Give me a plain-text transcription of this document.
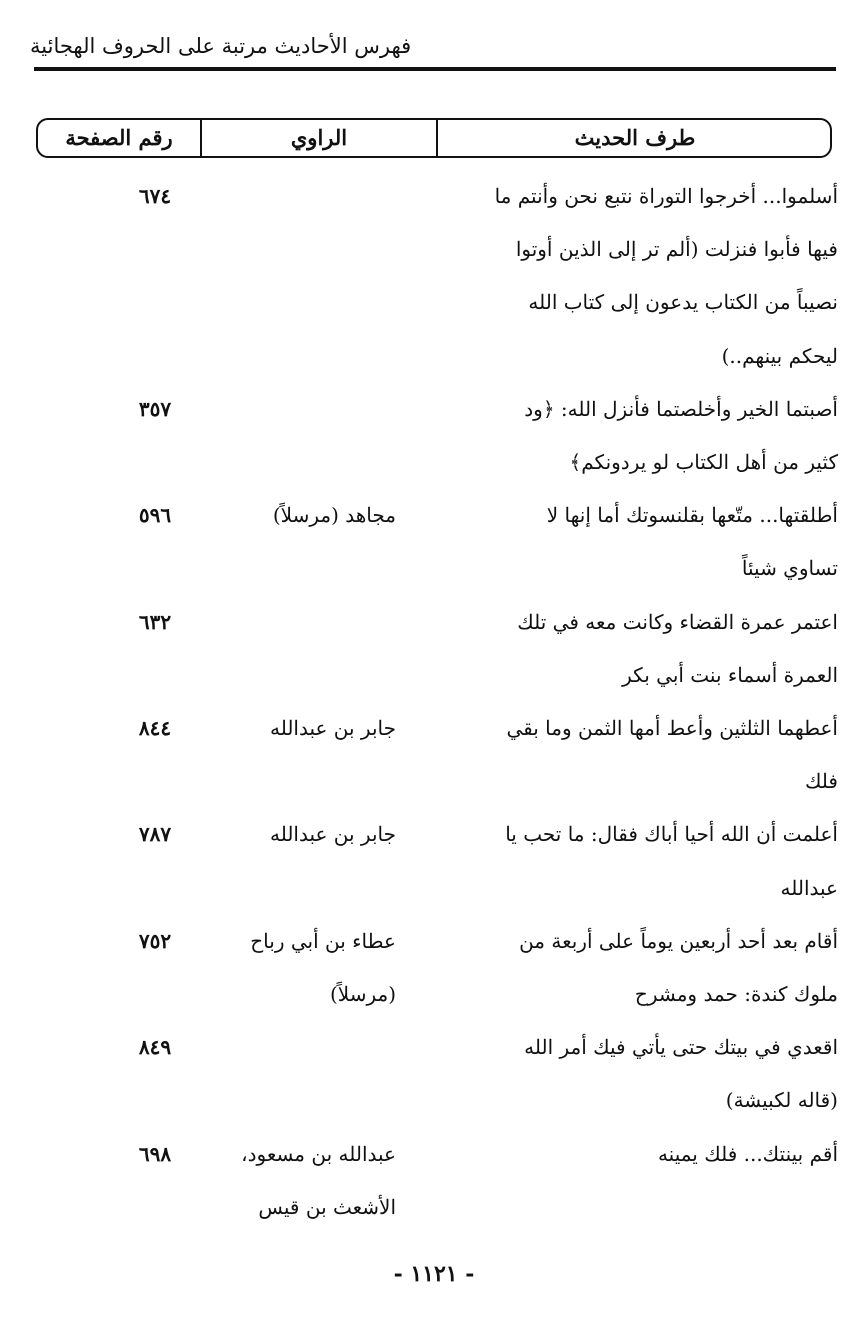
فهرس الأحاديث مرتبة على الحروف الهجائية
طرف الحديث
الراوي
رقم الصفحة
أسلموا... أخرجوا التوراة نتبع نحن وأنتم ما
فيها فأبوا فنزلت (ألم تر إلى الذين أوتوا
نصيباً من الكتاب يدعون إلى كتاب الله
ليحكم بينهم..)
٦٧٤
أصبتما الخير وأخلصتما فأنزل الله: ﴿ود
كثير من أهل الكتاب لو يردونكم﴾
٣٥٧
أطلقتها... متّعها بقلنسوتك أما إنها لا
تساوي شيئاً
مجاهد (مرسلاً)
٥٩٦
اعتمر عمرة القضاء وكانت معه في تلك
العمرة أسماء بنت أبي بكر
٦٣٢
أعطهما الثلثين وأعط أمها الثمن وما بقي
فلك
جابر بن عبدالله
٨٤٤
أعلمت أن الله أحيا أباك فقال: ما تحب يا
عبدالله
جابر بن عبدالله
٧٨٧
أقام بعد أحد أربعين يوماً على أربعة من
ملوك كندة: حمد ومشرح
عطاء بن أبي رباح
(مرسلاً)
٧٥٢
اقعدي في بيتك حتى يأتي فيك أمر الله
(قاله لكبيشة)
٨٤٩
أقم بينتك... فلك يمينه
عبدالله بن مسعود،
الأشعث بن قيس
٦٩٨
- ١١٢١ -
